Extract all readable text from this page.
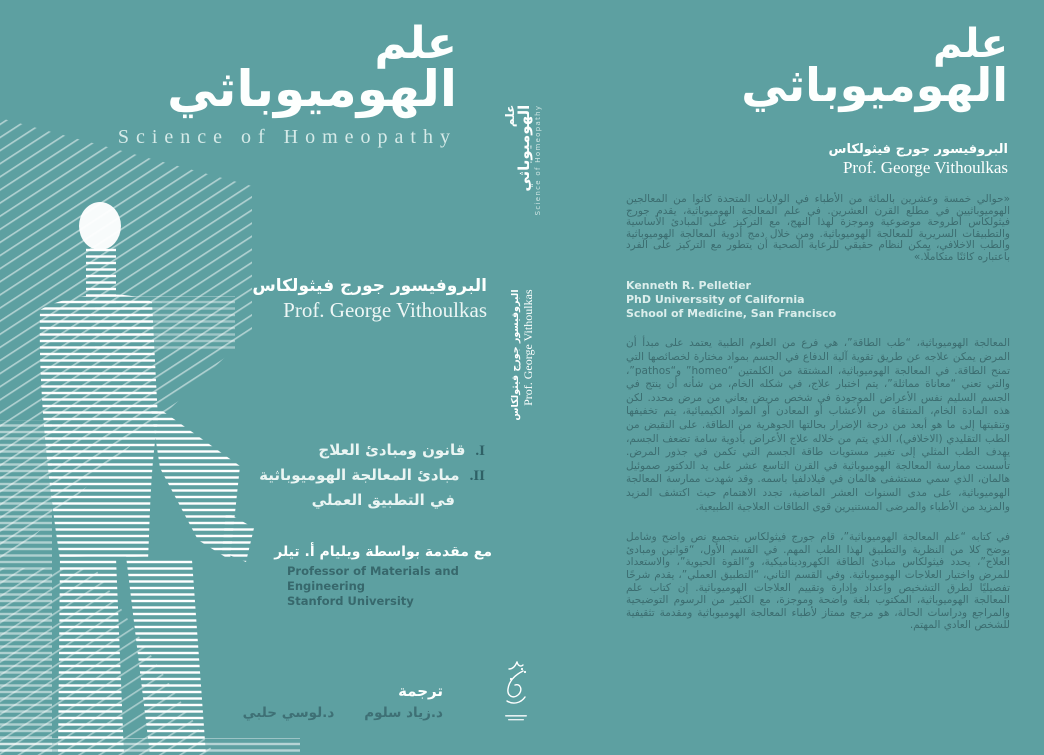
علم
الهوميوباثي
Science of Homeopathy
البروفيسور جورج فيثولكاس
Prof. George Vithoulkas
I.قانون ومبادئ العلاج
II.مبادئ المعالجة الهوميوباثية
في التطبيق العملي
مع مقدمة بواسطة ويليام أ. تيلر
Professor of Materials and Engineering
Stanford University
ترجمة
د.زياد سلوم
د.لوسي حلبي
علم
الهوميوباثي Science of Homeopathy
البروفيسور جورج فيثولكاس Prof. George Vithoulkas
علم
الهوميوباثي
البروفيسور جورج فيثولكاس
Prof. George Vithoulkas
«حوالي خمسة وعشرين بالمائة من الأطباء في الولايات المتحدة كانوا من المعالجين الهوميوباثيين في مطلع القرن العشرين. في علم المعالجة الهوميوباثية، يقدم جورج فيثولكاس أطروحة موضوعية وموجزة لهذا النهج، مع التركيز على المبادئ الأساسية والتطبيقات السريرية للمعالجة الهوميوباثية. ومن خلال دمج أدوية المعالجة الهوميوباثية والطب الاخلافي، يمكن لنظام حقيقي للرعاية الصحية أن يتطور مع التركيز على الفرد باعتباره كائنًا متكاملًا.»
Kenneth R. Pelletier
PhD Universsity of California
School of Medicine, San Francisco
المعالجة الهوميوباثية، “طب الطاقة”، هي فرع من العلوم الطبية يعتمد على مبدأ أن المرض يمكن علاجه عن طريق تقوية آلية الدفاع في الجسم بمواد مختارة لخصائصها التي تمنح الطاقة. في المعالجة الهوميوباثية، المشتقة من الكلمتين “homeo” و“pathos”، والتي تعني “معاناة مماثلة”، يتم اختبار علاج، في شكله الخام، من شأنه أن ينتج في الجسم السليم نفس الأعراض الموجودة في شخص مريض يعاني من مرض محدد. لكن هذه المادة الخام، المنتقاة من الأعشاب أو المعادن أو المواد الكيميائية، يتم تخفيفها وتنقيتها إلى ما هو أبعد من درجة الإضرار بحالتها الجوهرية من الطاقة. على النقيض من الطب التقليدي (الاخلافي)، الذي يتم من خلاله علاج الأعراض بأدوية سامة تضعف الجسم، يهدف الطب المثلي إلى تغيير مستويات طاقة الجسم التي تكمن في جذور المرض. تأسست ممارسة المعالجة الهوميوباثية في القرن التاسع عشر على يد الدكتور صموئيل هالمان، الذي سمي مستشفى هالمان في فيلادلفيا باسمه. وقد شهدت ممارسة المعالجة الهوميوباثية، على مدى السنوات العشر الماضية، تجدد الاهتمام حيث اكتشف المزيد والمزيد من الأطباء والمرضى المستنيرين قوى الطاقات العلاجية الطبيعية.
في كتابه “علم المعالجة الهوميوباثية”، قام جورج فيثولكاس بتجميع نص واضح وشامل يوضح كلا من النظرية والتطبيق لهذا الطب المهم. في القسم الأول، “قوانين ومبادئ العلاج”، يحدد فيثولكاس مبادئ الطاقة الكهروديناميكية، و“القوة الحيوية”، والاستعداد للمرض واختيار العلاجات الهوميوباثية. وفي القسم الثاني، “التطبيق العملي”، يقدم شرحًا تفصيليًا لطرق التشخيص وإعداد وإدارة وتقييم العلاجات الهوميوباثية. إن كتاب علم المعالجة الهوميوباثية، المكتوب بلغة واضحة وموجزة، مع الكثير من الرسوم التوضيحية والمراجع ودراسات الحالة، هو مرجع ممتاز لأطباء المعالجة الهوميوباثية ومقدمة تثقيفية للشخص العادي المهتم.
